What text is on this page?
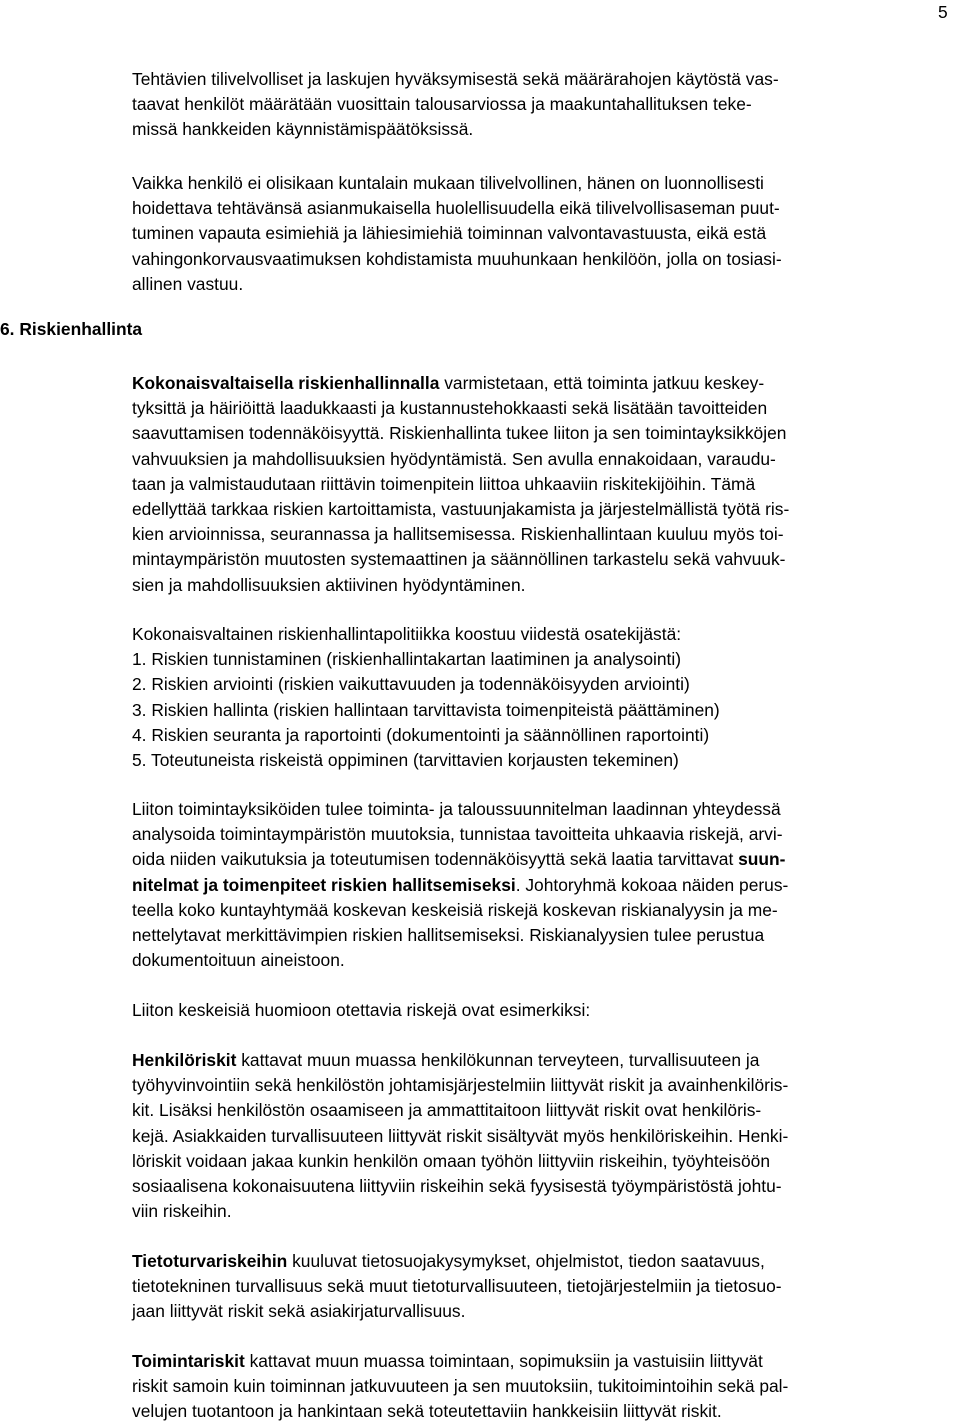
5
6. Riskienhallinta

Tehtävien tilivelvolliset ja laskujen hyväksymisestä sekä määrärahojen käytöstä vas-
taavat henkilöt määrätään vuosittain talousarviossa ja maakuntahallituksen teke-
missä hankkeiden käynnistämispäätöksissä.

Vaikka henkilö ei olisikaan kuntalain mukaan tilivelvollinen, hänen on luonnollisesti
hoidettava tehtävänsä asianmukaisella huolellisuudella eikä tilivelvollisaseman puut-
tuminen vapauta esimiehiä ja lähiesimiehiä toiminnan valvontavastuusta, eikä estä
vahingonkorvausvaatimuksen kohdistamista muuhunkaan henkilöön, jolla on tosiasi-
allinen vastuu.

Kokonaisvaltaisella riskienhallinnalla varmistetaan, että toiminta jatkuu keskey-
tyksittä ja häiriöittä laadukkaasti ja kustannustehokkaasti sekä lisätään tavoitteiden
saavuttamisen todennäköisyyttä. Riskienhallinta tukee liiton ja sen toimintayksikköjen
vahvuuksien ja mahdollisuuksien hyödyntämistä. Sen avulla ennakoidaan, varaudu-
taan ja valmistaudutaan riittävin toimenpitein liittoa uhkaaviin riskitekijöihin. Tämä
edellyttää tarkkaa riskien kartoittamista, vastuunjakamista ja järjestelmällistä työtä ris-
kien arvioinnissa, seurannassa ja hallitsemisessa. Riskienhallintaan kuuluu myös toi-
mintaympäristön muutosten systemaattinen ja säännöllinen tarkastelu sekä vahvuuk-
sien ja mahdollisuuksien aktiivinen hyödyntäminen.

Kokonaisvaltainen riskienhallintapolitiikka koostuu viidestä osatekijästä:
1. Riskien tunnistaminen (riskienhallintakartan laatiminen ja analysointi)
2. Riskien arviointi (riskien vaikuttavuuden ja todennäköisyyden arviointi)
3. Riskien hallinta (riskien hallintaan tarvittavista toimenpiteistä päättäminen)
4. Riskien seuranta ja raportointi (dokumentointi ja säännöllinen raportointi)
5. Toteutuneista riskeistä oppiminen (tarvittavien korjausten tekeminen)

Liiton toimintayksiköiden tulee toiminta- ja taloussuunnitelman laadinnan yhteydessä
analysoida toimintaympäristön muutoksia, tunnistaa tavoitteita uhkaavia riskejä, arvi-
oida niiden vaikutuksia ja toteutumisen todennäköisyyttä sekä laatia tarvittavat suun-
nitelmat ja toimenpiteet riskien hallitsemiseksi. Johtoryhmä kokoaa näiden perus-
teella koko kuntayhtymää koskevan keskeisiä riskejä koskevan riskianalyysin ja me-
nettelytavat merkittävimpien riskien hallitsemiseksi. Riskianalyysien tulee perustua
dokumentoituun aineistoon.

Liiton keskeisiä huomioon otettavia riskejä ovat esimerkiksi:

Henkilöriskit kattavat muun muassa henkilökunnan terveyteen, turvallisuuteen ja
työhyvinvointiin sekä henkilöstön johtamisjärjestelmiin liittyvät riskit ja avainhenkilöris-
kit. Lisäksi henkilöstön osaamiseen ja ammattitaitoon liittyvät riskit ovat henkilöris-
kejä. Asiakkaiden turvallisuuteen liittyvät riskit sisältyvät myös henkilöriskeihin. Henki-
löriskit voidaan jakaa kunkin henkilön omaan työhön liittyviin riskeihin, työyhteisöön
sosiaalisena kokonaisuutena liittyviin riskeihin sekä fyysisestä työympäristöstä johtu-
viin riskeihin.

Tietoturvariskeihin kuuluvat tietosuojakysymykset, ohjelmistot, tiedon saatavuus,
tietotekninen turvallisuus sekä muut tietoturvallisuuteen, tietojärjestelmiin ja tietosuo-
jaan liittyvät riskit sekä asiakirjaturvallisuus.

Toimintariskit kattavat muun muassa toimintaan, sopimuksiin ja vastuisiin liittyvät
riskit samoin kuin toiminnan jatkuvuuteen ja sen muutoksiin, tukitoimintoihin sekä pal-
velujen tuotantoon ja hankintaan sekä toteutettaviin hankkeisiin liittyvät riskit.
